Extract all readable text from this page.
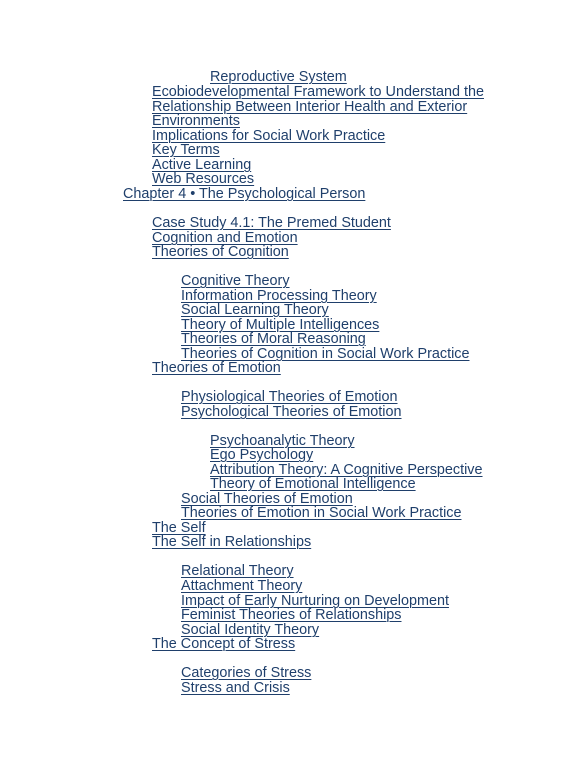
Reproductive System
Ecobiodevelopmental Framework to Understand the
Relationship Between Interior Health and Exterior
Environments
Implications for Social Work Practice
Key Terms
Active Learning
Web Resources
Chapter 4 • The Psychological Person
Case Study 4.1: The Premed Student
Cognition and Emotion
Theories of Cognition
Cognitive Theory
Information Processing Theory
Social Learning Theory
Theory of Multiple Intelligences
Theories of Moral Reasoning
Theories of Cognition in Social Work Practice
Theories of Emotion
Physiological Theories of Emotion
Psychological Theories of Emotion
Psychoanalytic Theory
Ego Psychology
Attribution Theory: A Cognitive Perspective
Theory of Emotional Intelligence
Social Theories of Emotion
Theories of Emotion in Social Work Practice
The Self
The Self in Relationships
Relational Theory
Attachment Theory
Impact of Early Nurturing on Development
Feminist Theories of Relationships
Social Identity Theory
The Concept of Stress
Categories of Stress
Stress and Crisis
